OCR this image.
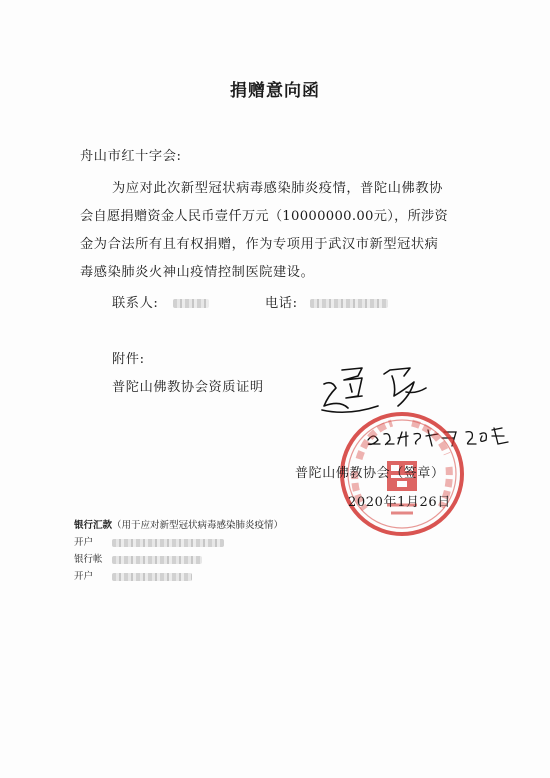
捐赠意向函
舟山市红十字会:
为应对此次新型冠状病毒感染肺炎疫情，普陀山佛教协
会自愿捐赠资金人民币壹仟万元（10000000.00元），所涉资
金为合法所有且有权捐赠，作为专项用于武汉市新型冠状病
毒感染肺炎火神山疫情控制医院建设。
联系人:	电话:
附件:
普陀山佛教协会资质证明
普陀山佛教协会（签章）
2020年1月26日
银行汇款（用于应对新型冠状病毒感染肺炎疫情）
开户
银行帐
开户
